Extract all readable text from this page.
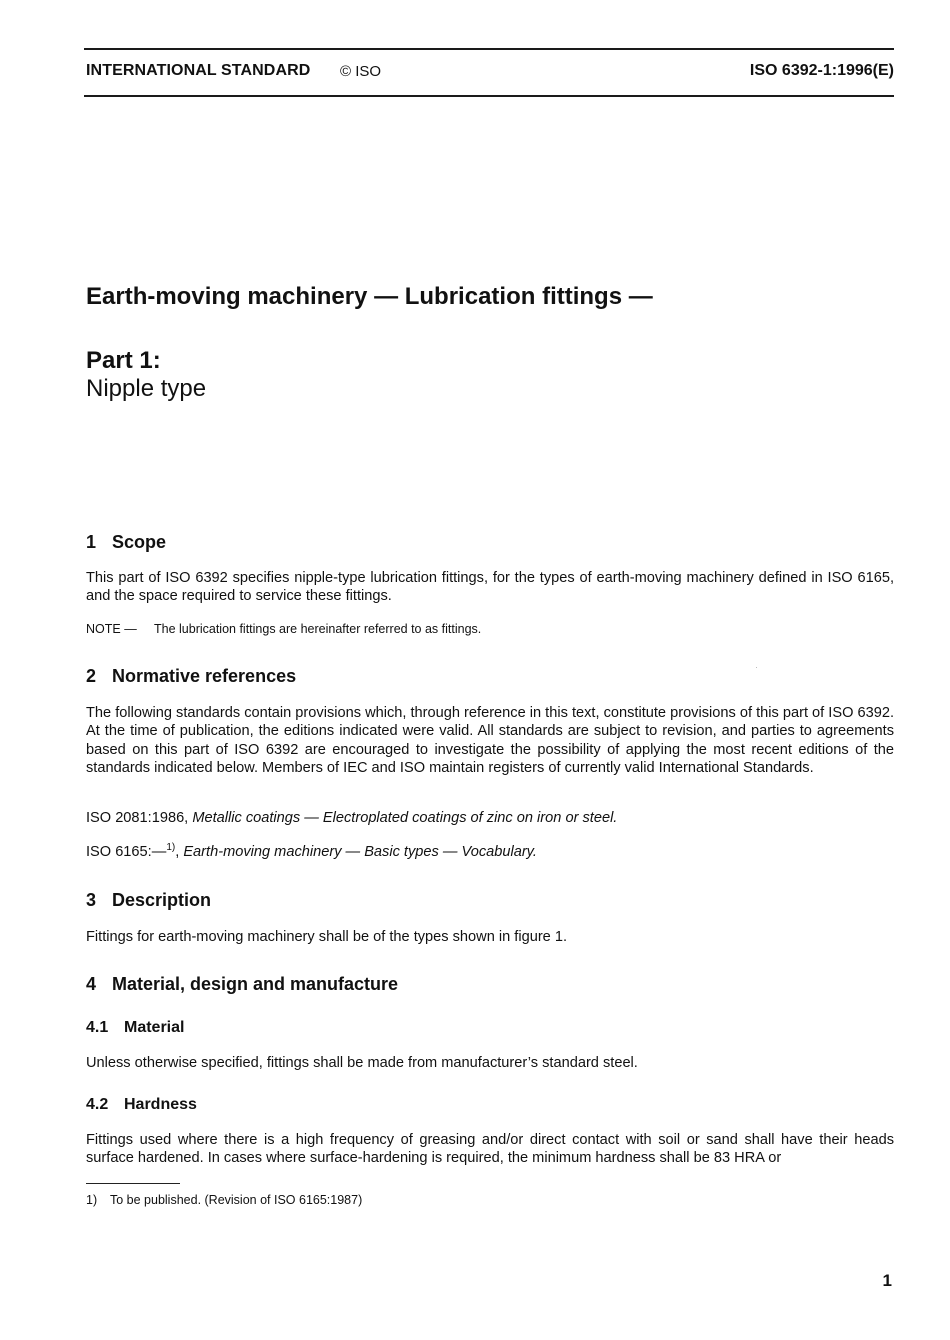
INTERNATIONAL STANDARD © ISO	ISO 6392-1:1996(E)
Earth-moving machinery — Lubrication fittings —
Part 1:
Nipple type
1 Scope

This part of ISO 6392 specifies nipple-type lubrication fittings, for the types of earth-moving machinery defined in ISO 6165, and the space required to service these fittings.

NOTE — The lubrication fittings are hereinafter referred to as fittings.

2 Normative references

The following standards contain provisions which, through reference in this text, constitute provisions of this part of ISO 6392. At the time of publication, the editions indicated were valid. All standards are subject to revision, and parties to agreements based on this part of ISO 6392 are encouraged to investigate the possibility of applying the most recent editions of the standards indicated below. Members of IEC and ISO maintain registers of currently valid International Standards.

ISO 2081:1986, Metallic coatings — Electroplated coatings of zinc on iron or steel.

ISO 6165:—$^{1)}$, Earth-moving machinery — Basic types — Vocabulary.

3 Description

Fittings for earth-moving machinery shall be of the types shown in figure 1.

4 Material, design and manufacture
4.1 Material

Unless otherwise specified, fittings shall be made from manufacturer’s standard steel.

4.2 Hardness

Fittings used where there is a high frequency of greasing and/or direct contact with soil or sand shall have their heads surface hardened. In cases where surface-hardening is required, the minimum hardness shall be 83 HRA or

1) To be published. (Revision of ISO 6165:1987)

1
